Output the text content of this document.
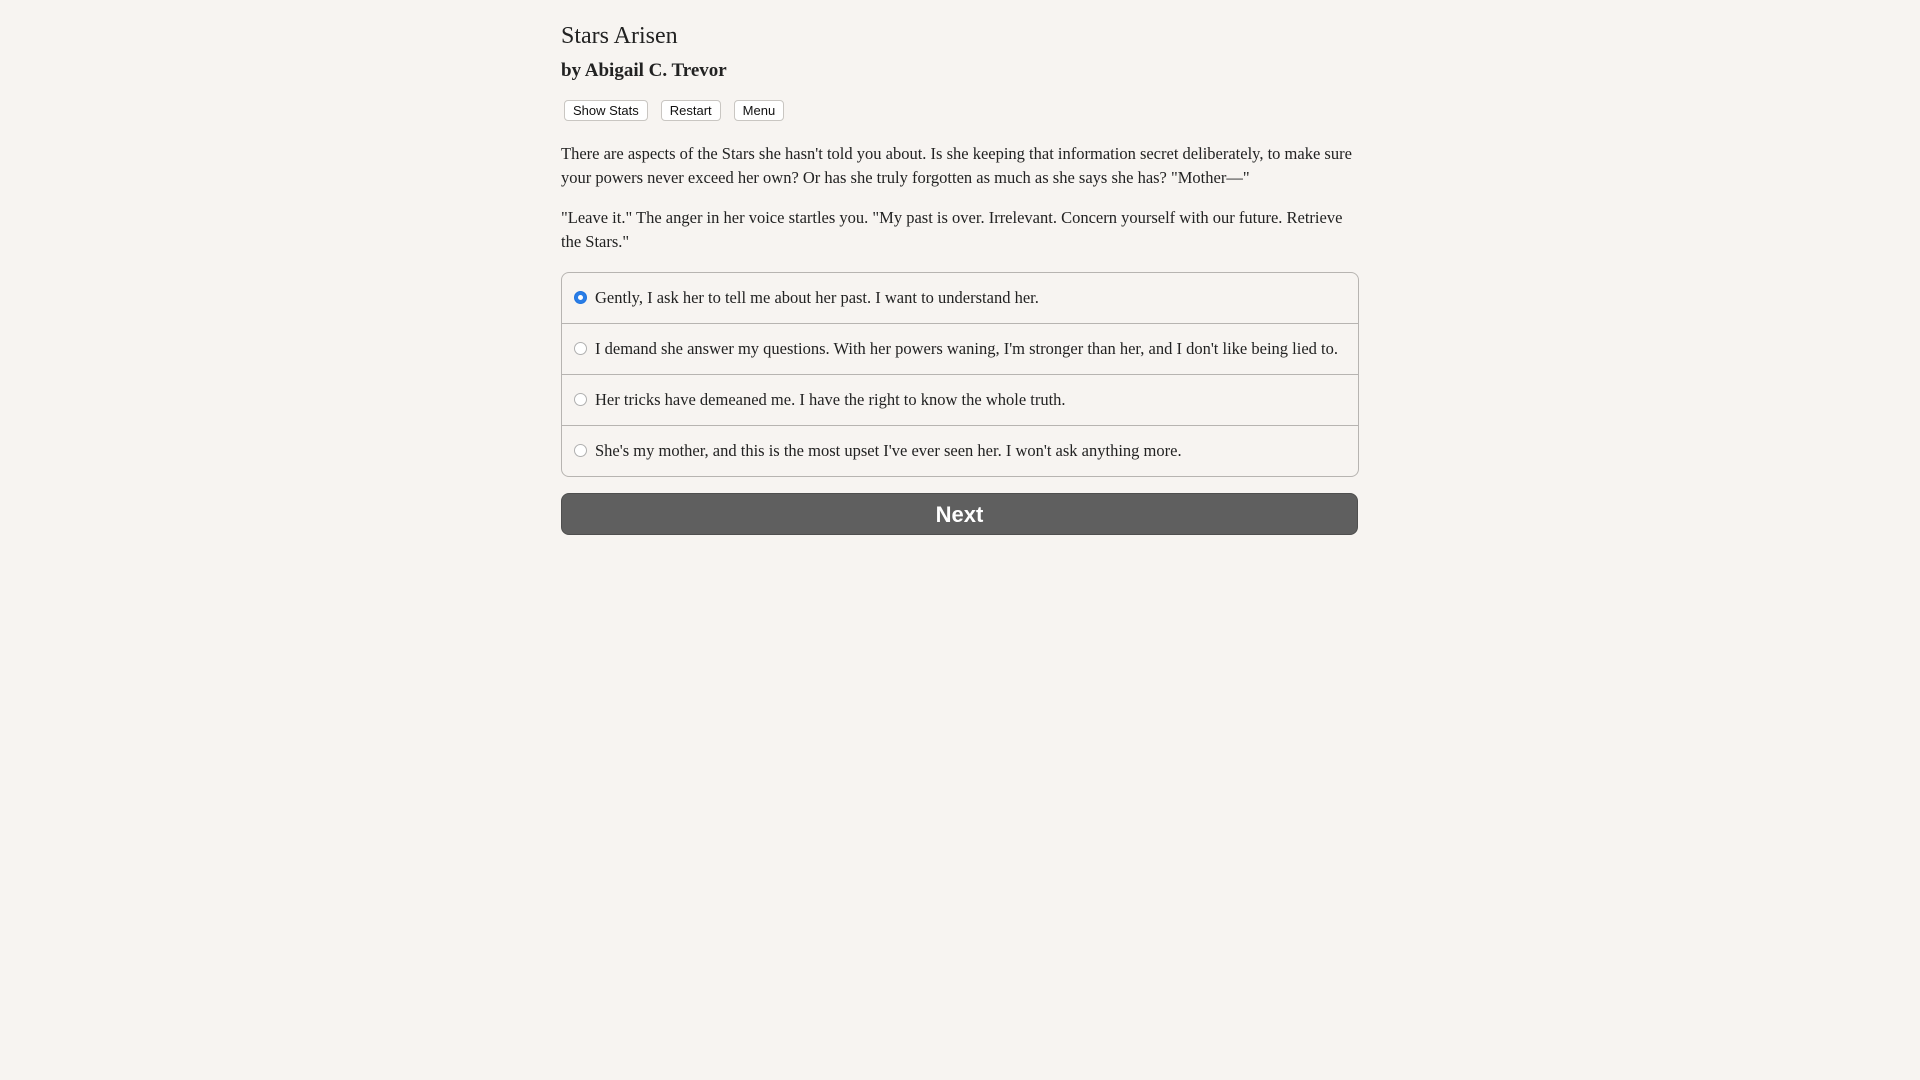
Stars Arisen
by Abigail C. Trevor
Show Stats	Restart	Menu

There are aspects of the Stars she hasn't told you about. Is she keeping that information secret deliberately, to make sure your powers never exceed her own? Or has she truly forgotten as much as she says she has? "Mother—"

"Leave it." The anger in her voice startles you. "My past is over. Irrelevant. Concern yourself with our future. Retrieve the Stars."

Gently, I ask her to tell me about her past. I want to understand her.
I demand she answer my questions. With her powers waning, I'm stronger than her, and I don't like being lied to.
Her tricks have demeaned me. I have the right to know the whole truth.
She's my mother, and this is the most upset I've ever seen her. I won't ask anything more.
Next
